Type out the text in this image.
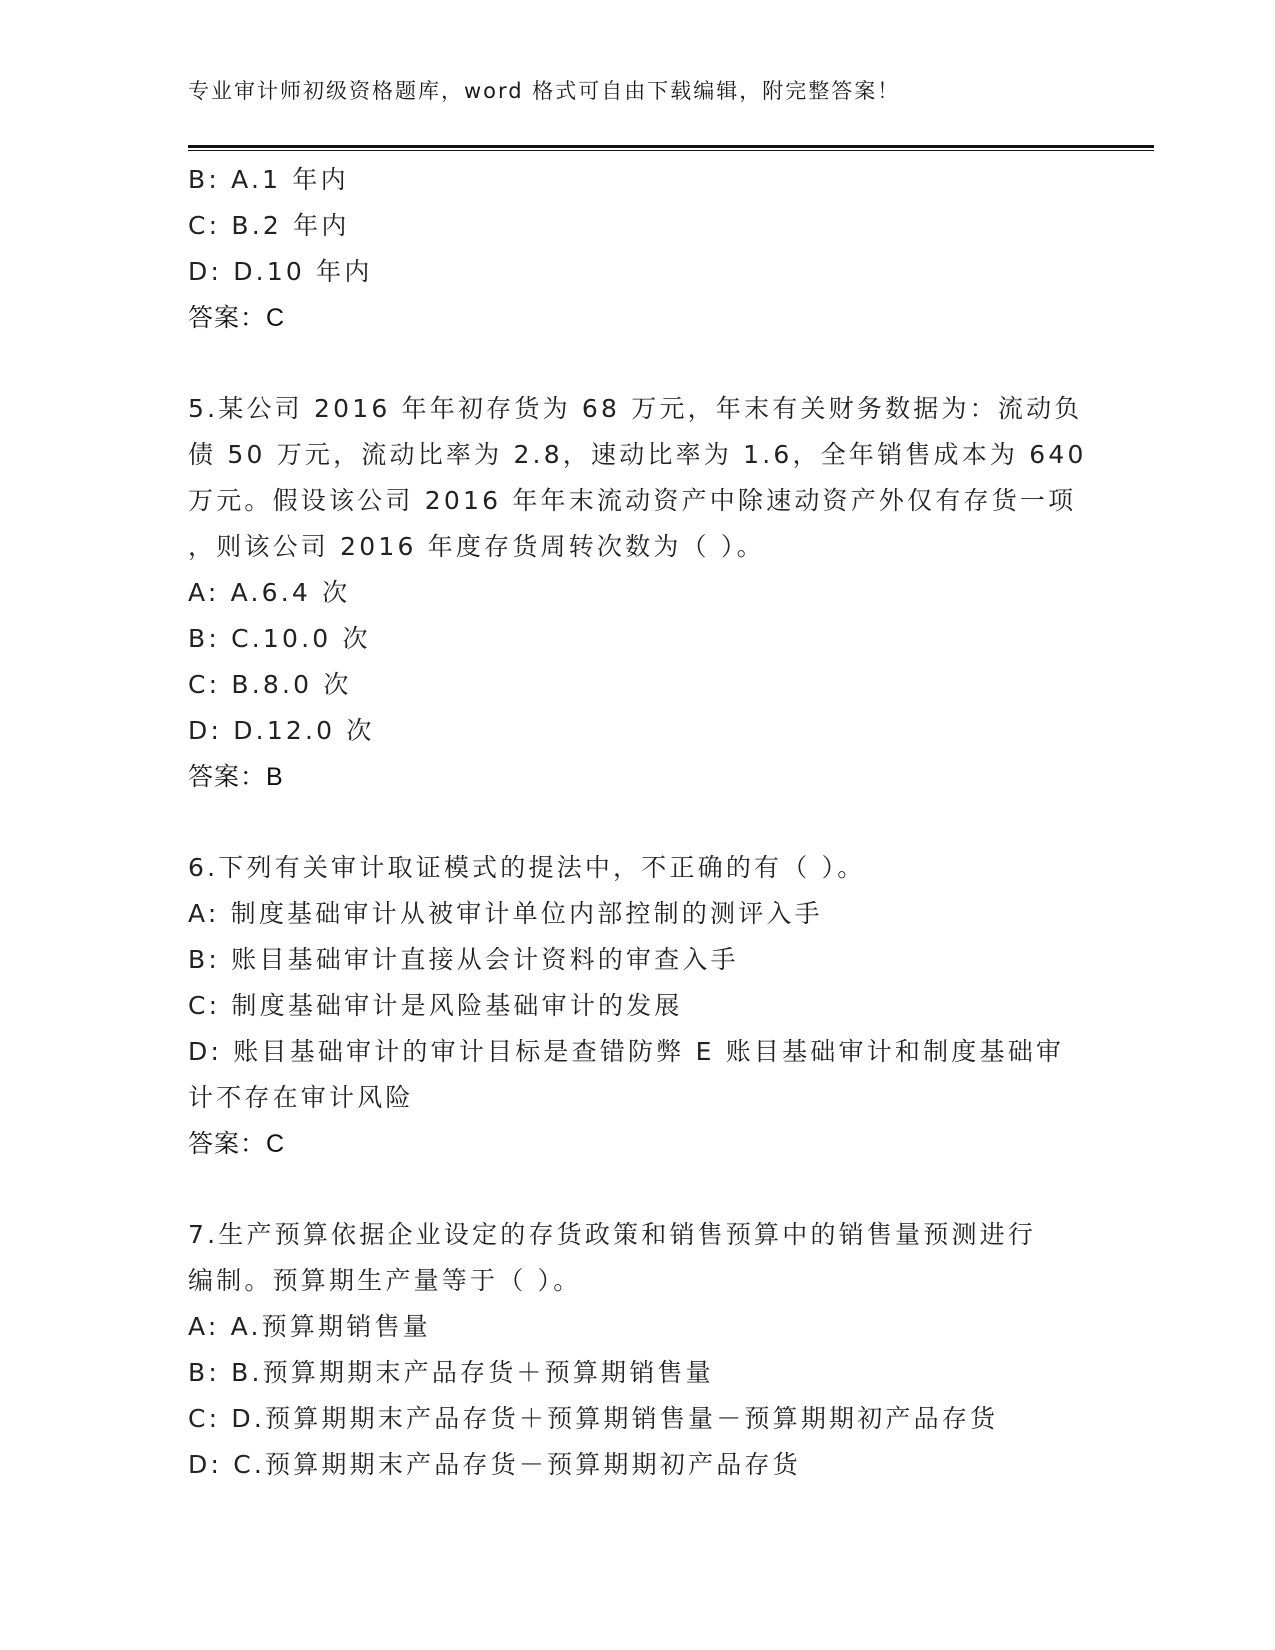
专业审计师初级资格题库，word 格式可自由下载编辑，附完整答案！
B: A.1 年内
C: B.2 年内
D: D.10 年内
答案：C
5.某公司 2016 年年初存货为 68 万元，年末有关财务数据为：流动负
债 50 万元，流动比率为 2.8，速动比率为 1.6，全年销售成本为 640
万元。假设该公司 2016 年年末流动资产中除速动资产外仅有存货一项
，则该公司 2016 年度存货周转次数为（ ）。
A: A.6.4 次
B: C.10.0 次
C: B.8.0 次
D: D.12.0 次
答案：B
6.下列有关审计取证模式的提法中，不正确的有（ ）。
A: 制度基础审计从被审计单位内部控制的测评入手
B: 账目基础审计直接从会计资料的审查入手
C: 制度基础审计是风险基础审计的发展
D: 账目基础审计的审计目标是查错防弊 E 账目基础审计和制度基础审
计不存在审计风险
答案：C
7.生产预算依据企业设定的存货政策和销售预算中的销售量预测进行
编制。预算期生产量等于（ ）。
A: A.预算期销售量
B: B.预算期期末产品存货＋预算期销售量
C: D.预算期期末产品存货＋预算期销售量－预算期期初产品存货
D: C.预算期期末产品存货－预算期期初产品存货
